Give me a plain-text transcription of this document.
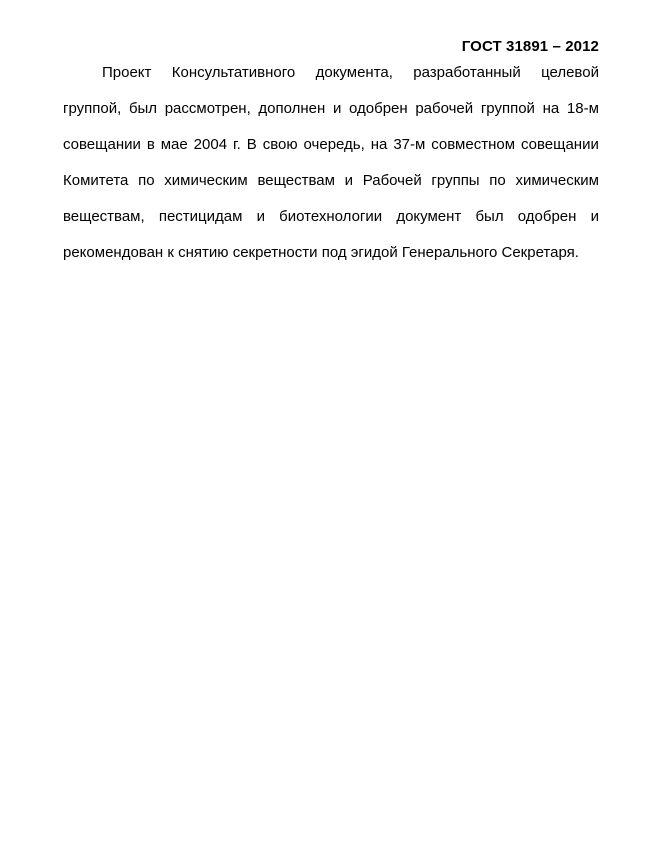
ГОСТ 31891 – 2012
Проект Консультативного документа, разработанный целевой
группой, был рассмотрен, дополнен и одобрен рабочей группой на 18-м
совещании в мае 2004 г. В свою очередь, на 37-м совместном совещании
Комитета по химическим веществам и Рабочей группы по химическим
веществам, пестицидам и биотехнологии документ был одобрен и
рекомендован к снятию секретности под эгидой Генерального Секретаря.
